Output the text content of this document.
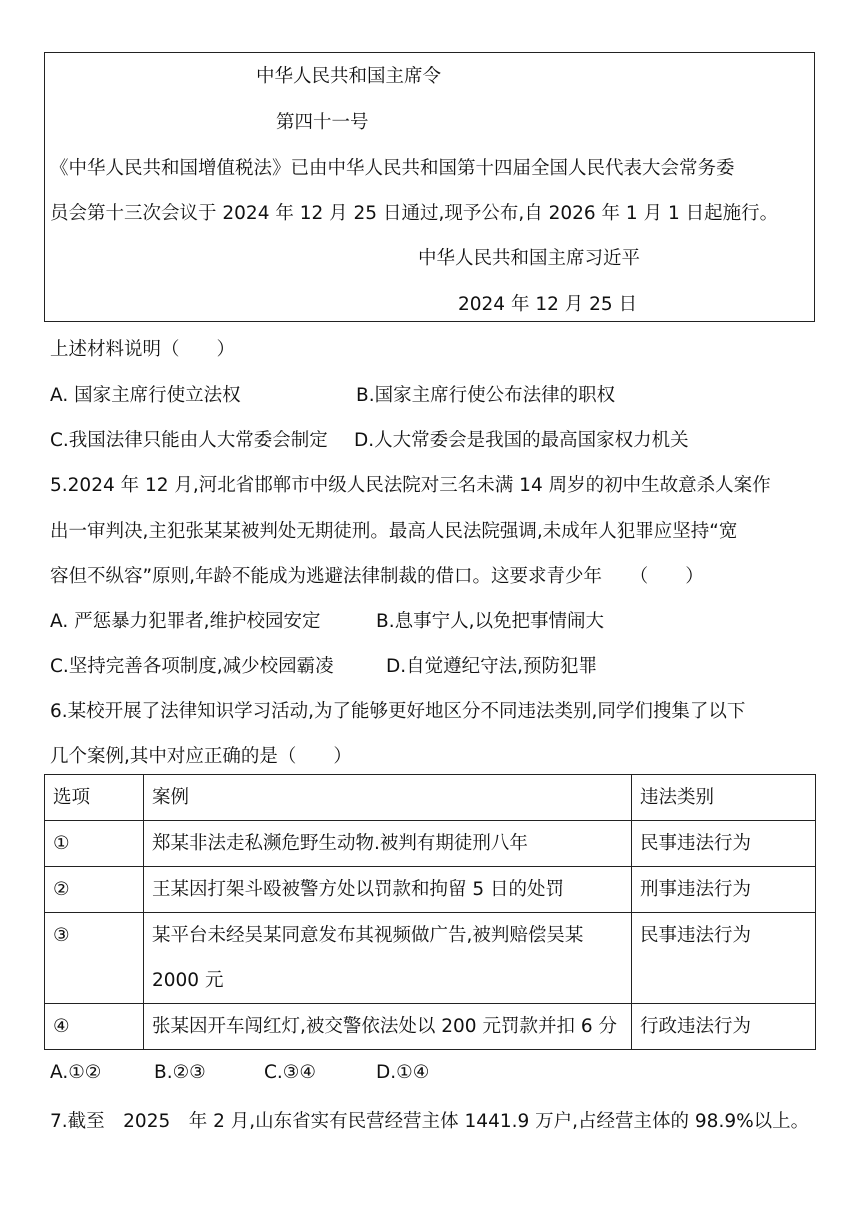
中华人民共和国主席令
第四十一号
《中华人民共和国增值税法》已由中华人民共和国第十四届全国人民代表大会常务委
员会第十三次会议于 2024 年 12 月 25 日通过,现予公布,自 2026 年 1 月 1 日起施行。
中华人民共和国主席习近平
2024 年 12 月 25 日
上述材料说明（　　）
A. 国家主席行使立法权	B.国家主席行使公布法律的职权
C.我国法律只能由人大常委会制定 D.人大常委会是我国的最高国家权力机关
5.2024 年 12 月,河北省邯郸市中级人民法院对三名未满 14 周岁的初中生故意杀人案作
出一审判决,主犯张某某被判处无期徒刑。最高人民法院强调,未成年人犯罪应坚持“宽
容但不纵容”原则,年龄不能成为逃避法律制裁的借口。这要求青少年　　（　　）
A. 严惩暴力犯罪者,维护校园安定	B.息事宁人,以免把事情闹大
C.坚持完善各项制度,减少校园霸凌	D.自觉遵纪守法,预防犯罪
6.某校开展了法律知识学习活动,为了能够更好地区分不同违法类别,同学们搜集了以下
几个案例,其中对应正确的是（　　）
选项	案例	违法类别
①	郑某非法走私濒危野生动物.被判有期徒刑八年	民事违法行为
②	王某因打架斗殴被警方处以罚款和拘留 5 日的处罚	刑事违法行为
③	某平台未经吴某同意发布其视频做广告,被判赔偿吴某
2000 元	民事违法行为
④	张某因开车闯红灯,被交警依法处以 200 元罚款并扣 6 分	行政违法行为
A.①②	B.②③	C.③④	D.①④
7.截至　2025　年 2 月,山东省实有民营经营主体 1441.9 万户,占经营主体的 98.9%以上。
